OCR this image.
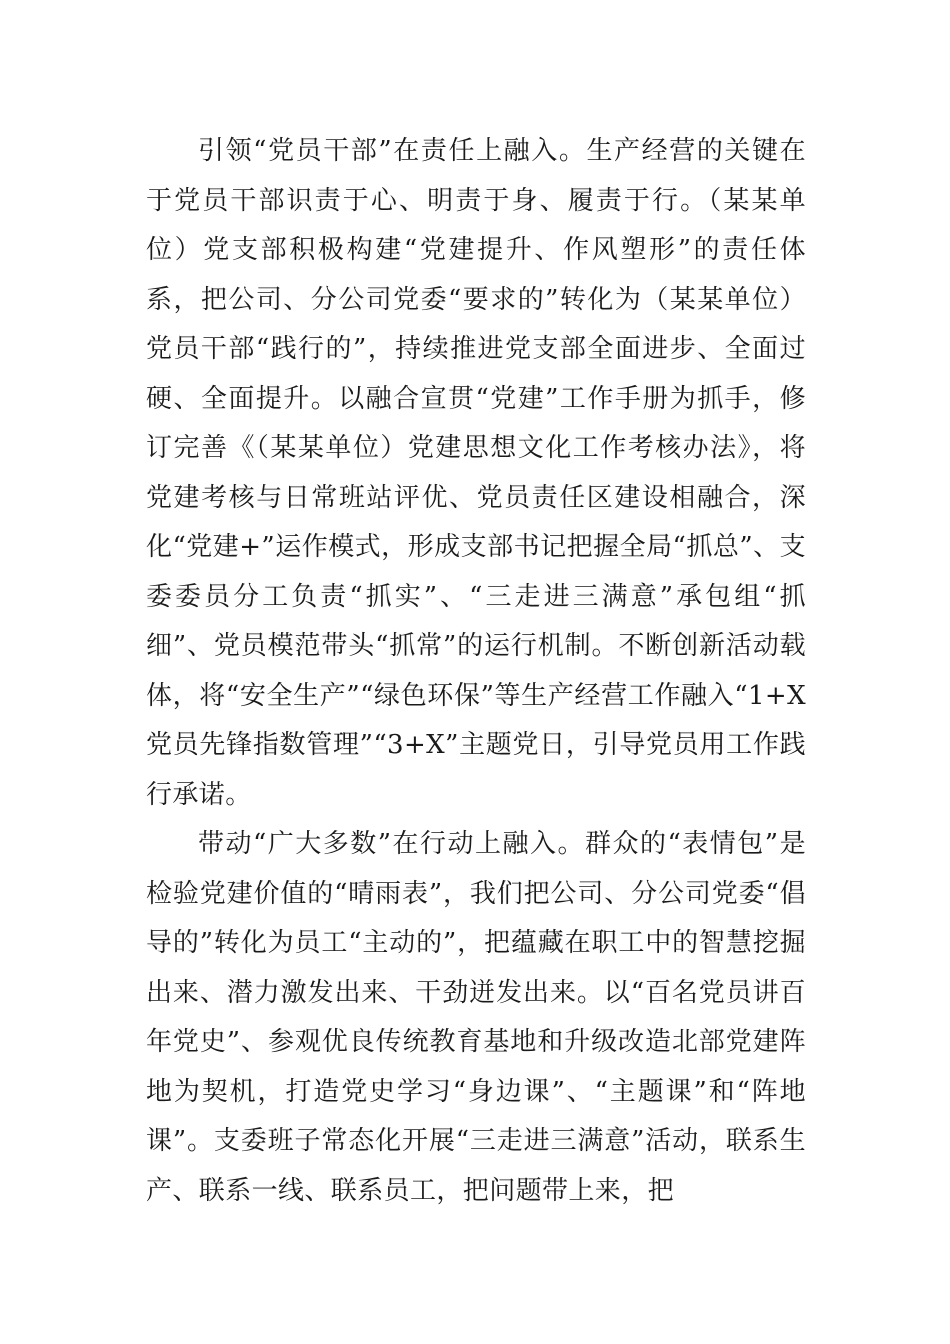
引领“党员干部”在责任上融入。生产经营的关键在于党员干部识责于心、明责于身、履责于行。（某某单位）党支部积极构建“党建提升、作风塑形”的责任体系，把公司、分公司党委“要求的”转化为（某某单位）党员干部“践行的”，持续推进党支部全面进步、全面过硬、全面提升。以融合宣贯“党建”工作手册为抓手，修订完善《（某某单位）党建思想文化工作考核办法》，将党建考核与日常班站评优、党员责任区建设相融合，深化“党建+”运作模式，形成支部书记把握全局“抓总”、支委委员分工负责“抓实”、“三走进三满意”承包组“抓细”、党员模范带头“抓常”的运行机制。不断创新活动载体，将“安全生产”“绿色环保”等生产经营工作融入“1+X党员先锋指数管理”“3+X”主题党日，引导党员用工作践行承诺。

带动“广大多数”在行动上融入。群众的“表情包”是检验党建价值的“晴雨表”，我们把公司、分公司党委“倡导的”转化为员工“主动的”，把蕴藏在职工中的智慧挖掘出来、潜力激发出来、干劲迸发出来。以“百名党员讲百年党史”、参观优良传统教育基地和升级改造北部党建阵地为契机，打造党史学习“身边课”、“主题课”和“阵地课”。支委班子常态化开展“三走进三满意”活动，联系生产、联系一线、联系员工，把问题带上来，把
